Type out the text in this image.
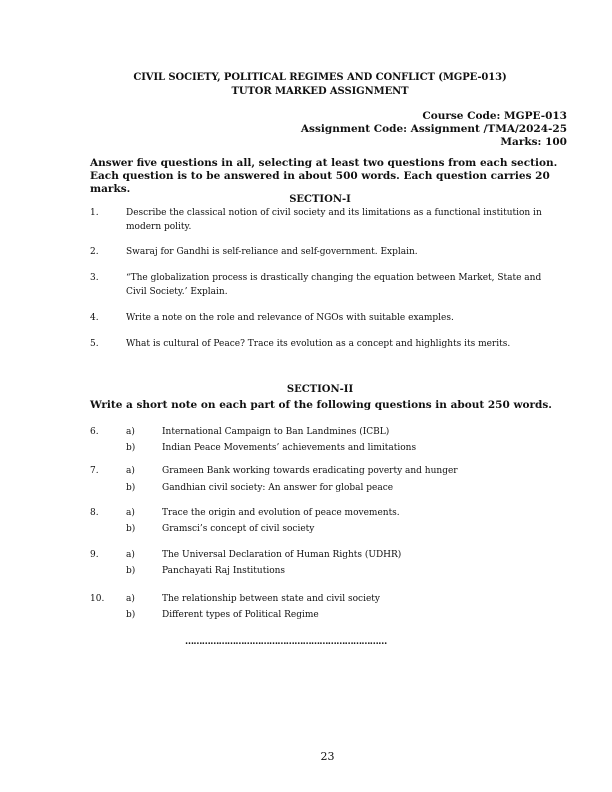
CIVIL SOCIETY, POLITICAL REGIMES AND CONFLICT (MGPE-013)
TUTOR MARKED ASSIGNMENT
Course Code: MGPE-013
Assignment Code: Assignment /TMA/2024-25
Marks: 100
Answer five questions in all, selecting at least two questions from each section. Each question is to be answered in about 500 words. Each question carries 20 marks.
SECTION-I
1.	Describe the classical notion of civil society and its limitations as a functional institution in modern polity.
2.	Swaraj for Gandhi is self-reliance and self-government. Explain.
3.	“The globalization process is drastically changing the equation between Market, State and Civil Society.’ Explain.
4.	Write a note on the role and relevance of NGOs with suitable examples.
5.	What is cultural of Peace? Trace its evolution as a concept and highlights its merits.
SECTION-II
Write a short note on each part of the following questions in about 250 words.
6.	a)	International Campaign to Ban Landmines (ICBL)
b)	Indian Peace Movements’ achievements and limitations
7.	a)	Grameen Bank working towards eradicating poverty and hunger
b)	Gandhian civil society: An answer for global peace
8.	a)	Trace the origin and evolution of peace movements.
b)	Gramsci’s concept of civil society
9.	a)	The Universal Declaration of Human Rights (UDHR)
b)	Panchayati Raj Institutions
10. a)	The relationship between state and civil society
b)	Different types of Political Regime
………………………………………………………………
23
